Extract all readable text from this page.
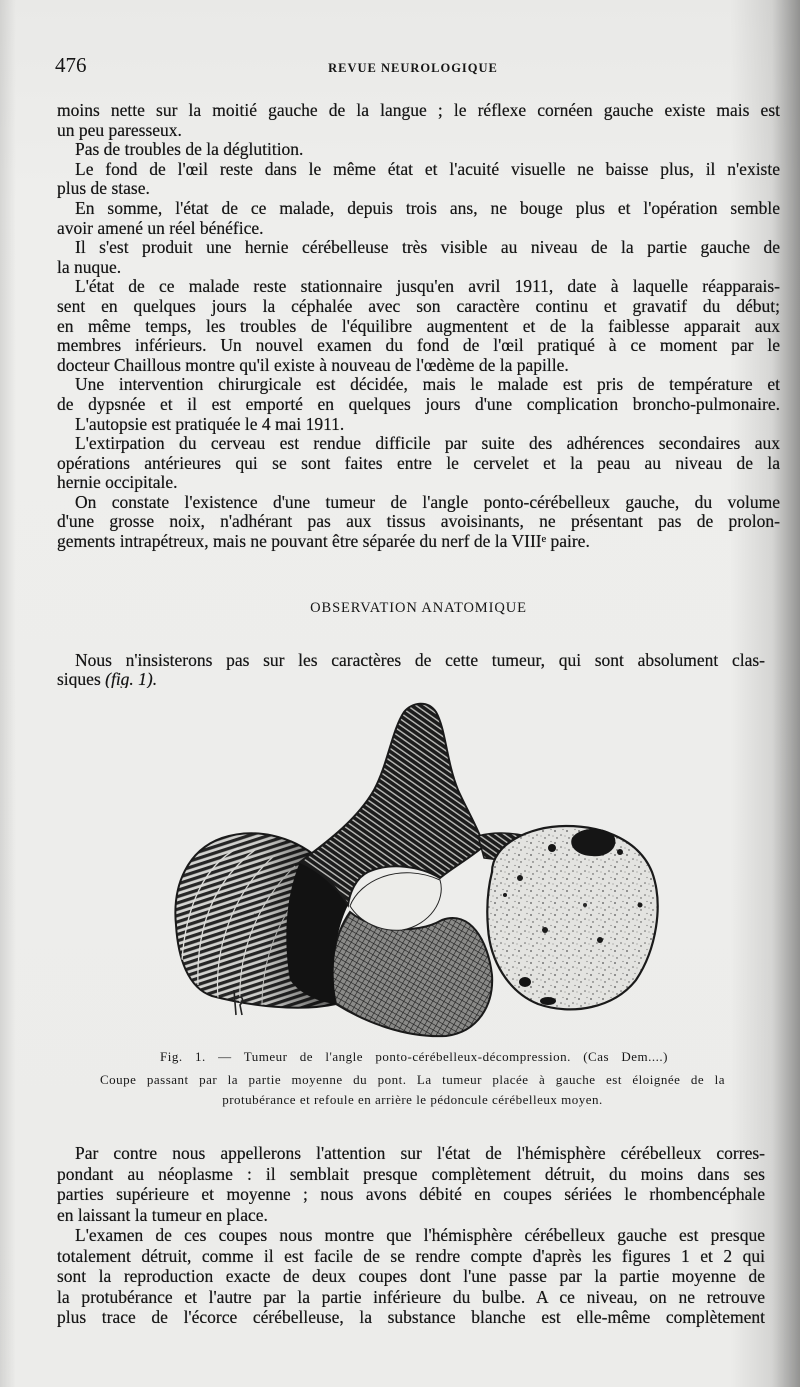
476	REVUE NEUROLOGIQUE
moins nette sur la moitié gauche de la langue ; le réflexe cornéen gauche existe mais est
un peu paresseux.
Pas de troubles de la déglutition.
Le fond de l'œil reste dans le même état et l'acuité visuelle ne baisse plus, il n'existe
plus de stase.
En somme, l'état de ce malade, depuis trois ans, ne bouge plus et l'opération semble
avoir amené un réel bénéfice.
Il s'est produit une hernie cérébelleuse très visible au niveau de la partie gauche de
la nuque.
L'état de ce malade reste stationnaire jusqu'en avril 1911, date à laquelle réapparais-
sent en quelques jours la céphalée avec son caractère continu et gravatif du début;
en même temps, les troubles de l'équilibre augmentent et de la faiblesse apparait aux
membres inférieurs. Un nouvel examen du fond de l'œil pratiqué à ce moment par le
docteur Chaillous montre qu'il existe à nouveau de l'œdème de la papille.
Une intervention chirurgicale est décidée, mais le malade est pris de température et
de dypsnée et il est emporté en quelques jours d'une complication broncho-pulmonaire.
L'autopsie est pratiquée le 4 mai 1911.
L'extirpation du cerveau est rendue difficile par suite des adhérences secondaires aux
opérations antérieures qui se sont faites entre le cervelet et la peau au niveau de la
hernie occipitale.
On constate l'existence d'une tumeur de l'angle ponto-cérébelleux gauche, du volume
d'une grosse noix, n'adhérant pas aux tissus avoisinants, ne présentant pas de prolon-
gements intrapétreux, mais ne pouvant être séparée du nerf de la VIIIᵉ paire.
OBSERVATION ANATOMIQUE
Nous n'insisterons pas sur les caractères de cette tumeur, qui sont absolument clas-
siques (fig. 1).
Fig. 1. — Tumeur de l'angle ponto-cérébelleux-décompression. (Cas Dem....)
Coupe passant par la partie moyenne du pont. La tumeur placée à gauche est éloignée de la
protubérance et refoule en arrière le pédoncule cérébelleux moyen.
Par contre nous appellerons l'attention sur l'état de l'hémisphère cérébelleux corres-
pondant au néoplasme : il semblait presque complètement détruit, du moins dans ses
parties supérieure et moyenne ; nous avons débité en coupes sériées le rhombencéphale
en laissant la tumeur en place.
L'examen de ces coupes nous montre que l'hémisphère cérébelleux gauche est presque
totalement détruit, comme il est facile de se rendre compte d'après les figures 1 et 2 qui
sont la reproduction exacte de deux coupes dont l'une passe par la partie moyenne de
la protubérance et l'autre par la partie inférieure du bulbe. A ce niveau, on ne retrouve
plus trace de l'écorce cérébelleuse, la substance blanche est elle-même complètement
